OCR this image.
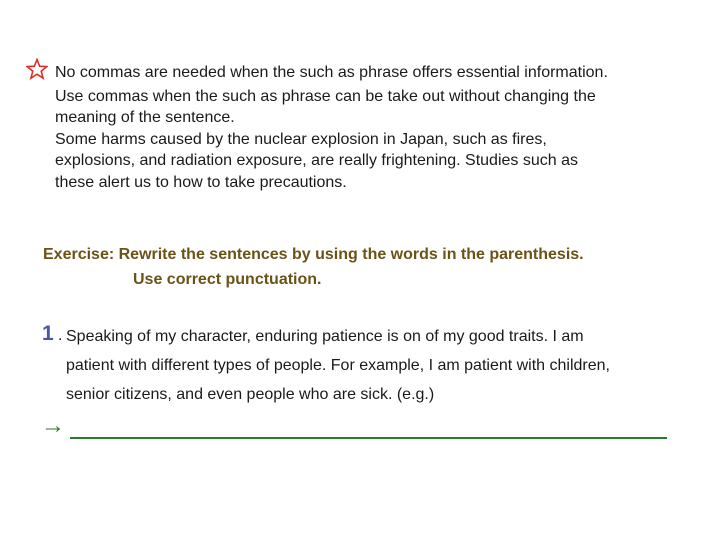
No commas are needed when the such as phrase offers essential information.
Use commas when the such as phrase can be take out without changing the
meaning of the sentence.
Some harms caused by the nuclear explosion in Japan, such as fires,
explosions, and radiation exposure, are really frightening. Studies such as
these alert us to how to take precautions.
Exercise: Rewrite the sentences by using the words in the parenthesis.
Use correct punctuation.
1 . Speaking of my character, enduring patience is on of my good traits. I am
patient with different types of people. For example, I am patient with children,
senior citizens, and even people who are sick. (e.g.)
→
